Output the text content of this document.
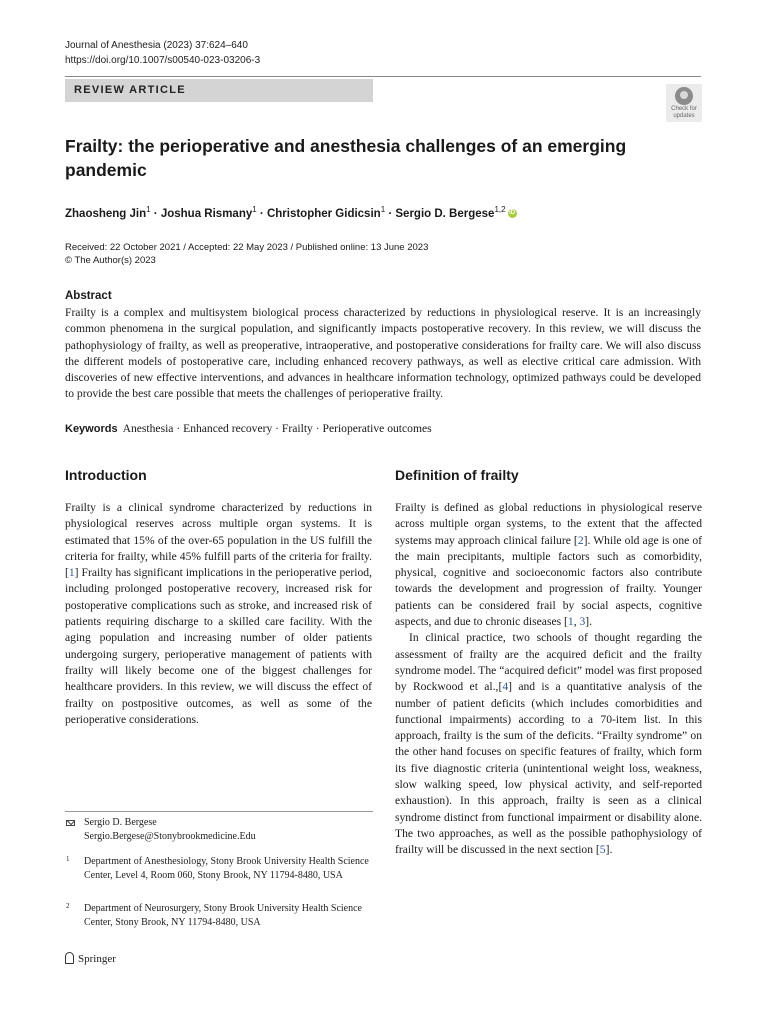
Journal of Anesthesia (2023) 37:624–640
https://doi.org/10.1007/s00540-023-03206-3
REVIEW ARTICLE
Check for
updates
Frailty: the perioperative and anesthesia challenges of an emerging pandemic
Zhaosheng Jin$^1$ · Joshua Rismany$^1$ · Christopher Gidicsin$^1$ · Sergio D. Bergese$^{1,2}$ iD
Received: 22 October 2021 / Accepted: 22 May 2023 / Published online: 13 June 2023
© The Author(s) 2023
Abstract
Frailty is a complex and multisystem biological process characterized by reductions in physiological reserve. It is an increasingly common phenomena in the surgical population, and significantly impacts postoperative recovery. In this review, we will discuss the pathophysiology of frailty, as well as preoperative, intraoperative, and postoperative considerations for frailty care. We will also discuss the different models of postoperative care, including enhanced recovery pathways, as well as elective critical care admission. With discoveries of new effective interventions, and advances in healthcare information technology, optimized pathways could be developed to provide the best care possible that meets the challenges of perioperative frailty.
Keywords Anesthesia · Enhanced recovery · Frailty · Perioperative outcomes
Introduction

Frailty is a clinical syndrome characterized by reductions in physiological reserves across multiple organ systems. It is estimated that 15% of the over-65 population in the US fulfill the criteria for frailty, while 45% fulfill parts of the criteria for frailty. [1] Frailty has significant implications in the perioperative period, including prolonged postoperative recovery, increased risk for postoperative complications such as stroke, and increased risk of patients requiring discharge to a skilled care facility. With the aging population and increasing number of older patients undergoing surgery, perioperative management of patients with frailty will likely become one of the biggest challenges for healthcare providers. In this review, we will discuss the effect of frailty on postpositive outcomes, as well as some of the perioperative considerations.

Definition of frailty

Frailty is defined as global reductions in physiological reserve across multiple organ systems, to the extent that the affected systems may approach clinical failure [2]. While old age is one of the main precipitants, multiple factors such as comorbidity, physical, cognitive and socioeconomic factors also contribute towards the development and progression of frailty. Younger patients can be considered frail by social aspects, cognitive aspects, and due to chronic diseases [1, 3].

In clinical practice, two schools of thought regarding the assessment of frailty are the acquired deficit and the frailty syndrome model. The “acquired deficit” model was first proposed by Rockwood et al.,[4] and is a quantitative analysis of the number of patient deficits (which includes comorbidities and functional impairments) according to a 70-item list. In this approach, frailty is the sum of the deficits. “Frailty syndrome” on the other hand focuses on specific features of frailty, which form its five diagnostic criteria (unintentional weight loss, weakness, slow walking speed, low physical activity, and self-reported exhaustion). In this approach, frailty is seen as a clinical syndrome distinct from functional impairment or disability alone. The two approaches, as well as the possible pathophysiology of frailty will be discussed in the next section [5].

Sergio D. Bergese
Sergio.Bergese@Stonybrookmedicine.Edu
1 Department of Anesthesiology, Stony Brook University Health Science Center, Level 4, Room 060, Stony Brook, NY 11794-8480, USA
2 Department of Neurosurgery, Stony Brook University Health Science Center, Stony Brook, NY 11794-8480, USA
Springer
